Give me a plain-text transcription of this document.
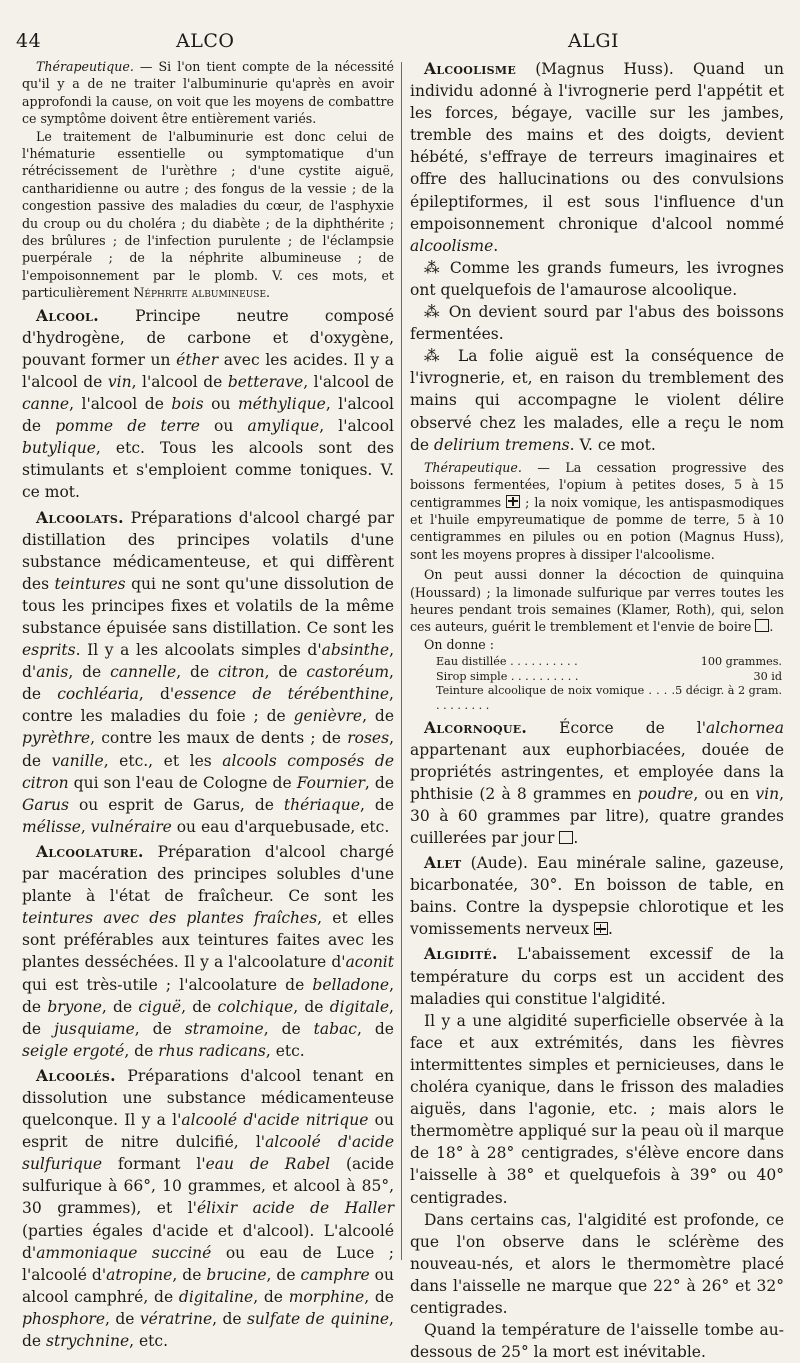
44	ALCO	ALGI

Thérapeutique. — Si l'on tient compte de la nécessité qu'il y a de ne traiter l'albuminurie qu'après en avoir approfondi la cause, on voit que les moyens de combattre ce symptôme doivent être entièrement variés.

Le traitement de l'albuminurie est donc celui de l'hématurie essentielle ou symptomatique d'un rétrécissement de l'urèthre ; d'une cystite aiguë, cantharidienne ou autre ; des fongus de la vessie ; de la congestion passive des maladies du cœur, de l'asphyxie du croup ou du choléra ; du diabète ; de la diphthérite ; des brûlures ; de l'infection purulente ; de l'éclampsie puerpérale ; de la néphrite albumineuse ; de l'empoisonnement par le plomb. V. ces mots, et particulièrement Néphrite albumineuse.

Alcool. Principe neutre composé d'hydrogène, de carbone et d'oxygène, pouvant former un éther avec les acides. Il y a l'alcool de vin, l'alcool de betterave, l'alcool de canne, l'alcool de bois ou méthylique, l'alcool de pomme de terre ou amylique, l'alcool butylique, etc. Tous les alcools sont des stimulants et s'emploient comme toniques. V. ce mot.

Alcoolats. Préparations d'alcool chargé par distillation des principes volatils d'une substance médicamenteuse, et qui diffèrent des teintures qui ne sont qu'une dissolution de tous les principes fixes et volatils de la même substance épuisée sans distillation. Ce sont les esprits. Il y a les alcoolats simples d'absinthe, d'anis, de cannelle, de citron, de castoréum, de cochléaria, d'essence de térébenthine, contre les maladies du foie ; de genièvre, de pyrèthre, contre les maux de dents ; de roses, de vanille, etc., et les alcools composés de citron qui son l'eau de Cologne de Fournier, de Garus ou esprit de Garus, de thériaque, de mélisse, vulnéraire ou eau d'arquebusade, etc.

Alcoolature. Préparation d'alcool chargé par macération des principes solubles d'une plante à l'état de fraîcheur. Ce sont les teintures avec des plantes fraîches, et elles sont préférables aux teintures faites avec les plantes desséchées. Il y a l'alcoolature d'aconit qui est très-utile ; l'alcoolature de belladone, de bryone, de ciguë, de colchique, de digitale, de jusquiame, de stramoine, de tabac, de seigle ergoté, de rhus radicans, etc.

Alcoolés. Préparations d'alcool tenant en dissolution une substance médicamenteuse quelconque. Il y a l'alcoolé d'acide nitrique ou esprit de nitre dulcifié, l'alcoolé d'acide sulfurique formant l'eau de Rabel (acide sulfurique à 66°, 10 grammes, et alcool à 85°, 30 grammes), et l'élixir acide de Haller (parties égales d'acide et d'alcool). L'alcoolé d'ammoniaque succiné ou eau de Luce ; l'alcoolé d'atropine, de brucine, de camphre ou alcool camphré, de digitaline, de morphine, de phosphore, de vératrine, de sulfate de quinine, de strychnine, etc.

Alcoolisme (Magnus Huss). Quand un individu adonné à l'ivrognerie perd l'appétit et les forces, bégaye, vacille sur les jambes, tremble des mains et des doigts, devient hébété, s'effraye de terreurs imaginaires et offre des hallucinations ou des convulsions épileptiformes, il est sous l'influence d'un empoisonnement chronique d'alcool nommé alcoolisme.

⁂ Comme les grands fumeurs, les ivrognes ont quelquefois de l'amaurose alcoolique.

⁂ On devient sourd par l'abus des boissons fermentées.

⁂ La folie aiguë est la conséquence de l'ivrognerie, et, en raison du tremblement des mains qui accompagne le violent délire observé chez les malades, elle a reçu le nom de delirium tremens. V. ce mot.

Thérapeutique. — La cessation progressive des boissons fermentées, l'opium à petites doses, 5 à 15 centigrammes  ; la noix vomique, les antispasmodiques et l'huile empyreumatique de pomme de terre, 5 à 10 centigrammes en pilules ou en potion (Magnus Huss), sont les moyens propres à dissiper l'alcoolisme.

On peut aussi donner la décoction de quinquina (Houssard) ; la limonade sulfurique par verres toutes les heures pendant trois semaines (Klamer, Roth), qui, selon ces auteurs, guérit le tremblement et l'envie de boire .

On donne :

Eau distillée . . . . . . . . . .	100 grammes.
Sirop simple . . . . . . . . . .	30 id
Teinture alcoolique de noix vomique . . . . . . . . . . . .	5 décigr. à 2 gram.

Alcornoque. Écorce de l'alchornea appartenant aux euphorbiacées, douée de propriétés astringentes, et employée dans la phthisie (2 à 8 grammes en poudre, ou en vin, 30 à 60 grammes par litre), quatre grandes cuillerées par jour .

Alet (Aude). Eau minérale saline, gazeuse, bicarbonatée, 30°. En boisson de table, en bains. Contre la dyspepsie chlorotique et les vomissements nerveux .

Algidité. L'abaissement excessif de la température du corps est un accident des maladies qui constitue l'algidité.

Il y a une algidité superficielle observée à la face et aux extrémités, dans les fièvres intermittentes simples et pernicieuses, dans le choléra cyanique, dans le frisson des maladies aiguës, dans l'agonie, etc. ; mais alors le thermomètre appliqué sur la peau où il marque de 18° à 28° centigrades, s'élève encore dans l'aisselle à 38° et quelquefois à 39° ou 40° centigrades.

Dans certains cas, l'algidité est profonde, ce que l'on observe dans le sclérème des nouveau-nés, et alors le thermomètre placé dans l'aisselle ne marque que 22° à 26° et 32° centigrades.

Quand la température de l'aisselle tombe au-dessous de 25° la mort est inévitable.
